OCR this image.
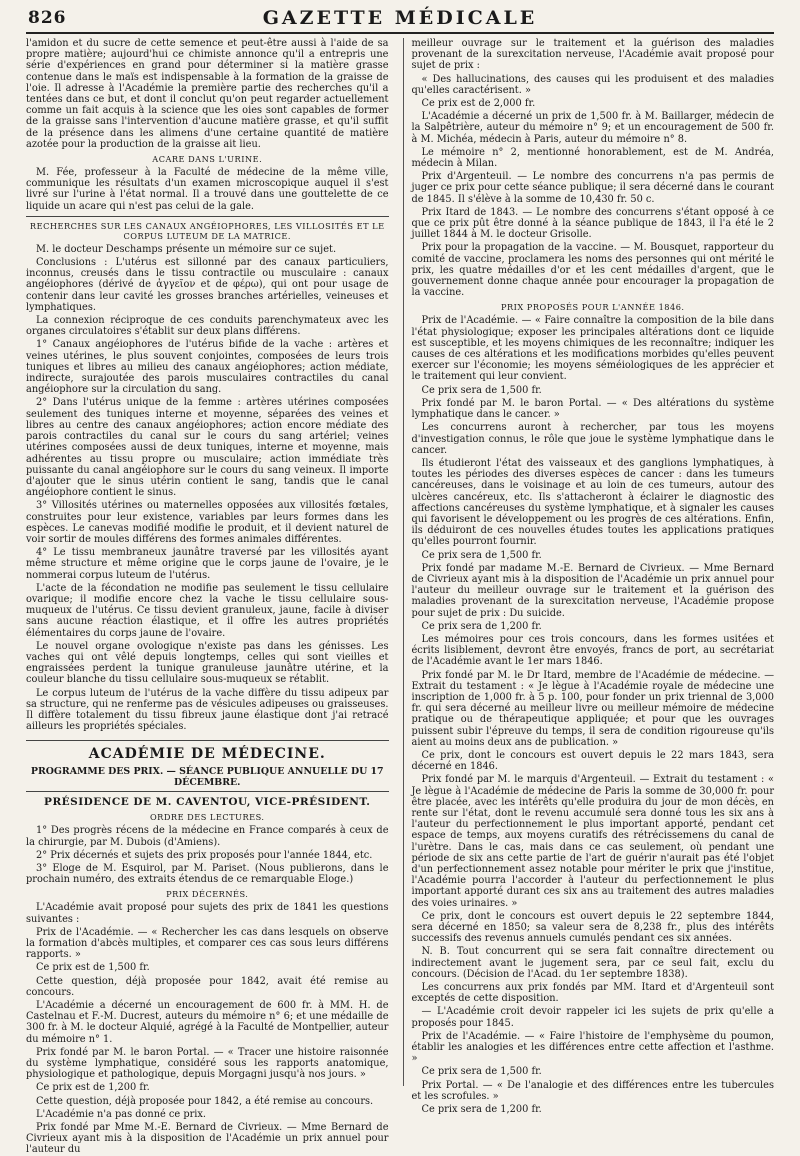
826	GAZETTE MÉDICALE

l'amidon et du sucre de cette semence et peut-être aussi à l'aide de sa propre matière; aujourd'hui ce chimiste annonce qu'il a entrepris une série d'expériences en grand pour déterminer si la matière grasse contenue dans le maïs est indispensable à la formation de la graisse de l'oie. Il adresse à l'Académie la première partie des recherches qu'il a tentées dans ce but, et dont il conclut qu'on peut regarder actuellement comme un fait acquis à la science que les oies sont capables de former de la graisse sans l'intervention d'aucune matière grasse, et qu'il suffit de la présence dans les alimens d'une certaine quantité de matière azotée pour la production de la graisse ait lieu.

ACARE DANS L'URINE.

M. Fée, professeur à la Faculté de médecine de la même ville, communique les résultats d'un examen microscopique auquel il s'est livré sur l'urine à l'état normal. Il a trouvé dans une gouttelette de ce liquide un acare qui n'est pas celui de la gale.

RECHERCHES SUR LES CANAUX ANGÉIOPHORES, LES VILLOSITÉS ET LE CORPUS LUTEUM DE LA MATRICE.

M. le docteur Deschamps présente un mémoire sur ce sujet.

Conclusions : L'utérus est sillonné par des canaux particuliers, inconnus, creusés dans le tissu contractile ou musculaire : canaux angéiophores (dérivé de ἀγγεῖον et de φέρω), qui ont pour usage de contenir dans leur cavité les grosses branches artérielles, veineuses et lymphatiques.

La connexion réciproque de ces conduits parenchymateux avec les organes circulatoires s'établit sur deux plans différens.

1° Canaux angéiophores de l'utérus bifide de la vache : artères et veines utérines, le plus souvent conjointes, composées de leurs trois tuniques et libres au milieu des canaux angéiophores; action médiate, indirecte, surajoutée des parois musculaires contractiles du canal angéiophore sur la circulation du sang.

2° Dans l'utérus unique de la femme : artères utérines composées seulement des tuniques interne et moyenne, séparées des veines et libres au centre des canaux angéiophores; action encore médiate des parois contractiles du canal sur le cours du sang artériel; veines utérines composées aussi de deux tuniques, interne et moyenne, mais adhérentes au tissu propre ou musculaire; action immédiate très puissante du canal angéiophore sur le cours du sang veineux. Il importe d'ajouter que le sinus utérin contient le sang, tandis que le canal angéiophore contient le sinus.

3° Villosités utérines ou maternelles opposées aux villosités fœtales, construites pour leur existence, variables par leurs formes dans les espèces. Le canevas modifié modifie le produit, et il devient naturel de voir sortir de moules différens des formes animales différentes.

4° Le tissu membraneux jaunâtre traversé par les villosités ayant même structure et même origine que le corps jaune de l'ovaire, je le nommerai corpus luteum de l'utérus.

L'acte de la fécondation ne modifie pas seulement le tissu cellulaire ovarique; il modifie encore chez la vache le tissu cellulaire sous-muqueux de l'utérus. Ce tissu devient granuleux, jaune, facile à diviser sans aucune réaction élastique, et il offre les autres propriétés élémentaires du corps jaune de l'ovaire.

Le nouvel organe ovologique n'existe pas dans les génisses. Les vaches qui ont vêlé depuis longtemps, celles qui sont vieilles et engraissées perdent la tunique granuleuse jaunâtre utérine, et la couleur blanche du tissu cellulaire sous-muqueux se rétablit.

Le corpus luteum de l'utérus de la vache diffère du tissu adipeux par sa structure, qui ne renferme pas de vésicules adipeuses ou graisseuses. Il diffère totalement du tissu fibreux jaune élastique dont j'ai retracé ailleurs les propriétés spéciales.

ACADÉMIE DE MÉDECINE.
PROGRAMME DES PRIX. — SÉANCE PUBLIQUE ANNUELLE DU 17 DÉCEMBRE.
PRÉSIDENCE DE M. CAVENTOU, VICE-PRÉSIDENT.
ORDRE DES LECTURES.

1° Des progrès récens de la médecine en France comparés à ceux de la chirurgie, par M. Dubois (d'Amiens).

2° Prix décernés et sujets des prix proposés pour l'année 1844, etc.

3° Eloge de M. Esquirol, par M. Pariset. (Nous publierons, dans le prochain numéro, des extraits étendus de ce remarquable Eloge.)

PRIX DÉCERNÉS.

L'Académie avait proposé pour sujets des prix de 1841 les questions suivantes :

Prix de l'Académie. — « Rechercher les cas dans lesquels on observe la formation d'abcès multiples, et comparer ces cas sous leurs différens rapports. »

Ce prix est de 1,500 fr.

Cette question, déjà proposée pour 1842, avait été remise au concours.

L'Académie a décerné un encouragement de 600 fr. à MM. H. de Castelnau et F.-M. Ducrest, auteurs du mémoire n° 6; et une médaille de 300 fr. à M. le docteur Alquié, agrégé à la Faculté de Montpellier, auteur du mémoire n° 1.

Prix fondé par M. le baron Portal. — « Tracer une histoire raisonnée du système lymphatique, considéré sous les rapports anatomique, physiologique et pathologique, depuis Morgagni jusqu'à nos jours. »

Ce prix est de 1,200 fr.

Cette question, déjà proposée pour 1842, a été remise au concours.

L'Académie n'a pas donné ce prix.

Prix fondé par Mme M.-E. Bernard de Civrieux. — Mme Bernard de Civrieux ayant mis à la disposition de l'Académie un prix annuel pour l'auteur du

meilleur ouvrage sur le traitement et la guérison des maladies provenant de la surexcitation nerveuse, l'Académie avait proposé pour sujet de prix :

« Des hallucinations, des causes qui les produisent et des maladies qu'elles caractérisent. »

Ce prix est de 2,000 fr.

L'Académie a décerné un prix de 1,500 fr. à M. Baillarger, médecin de la Salpêtrière, auteur du mémoire n° 9; et un encouragement de 500 fr. à M. Michéa, médecin à Paris, auteur du mémoire n° 8.

Le mémoire n° 2, mentionné honorablement, est de M. Andréa, médecin à Milan.

Prix d'Argenteuil. — Le nombre des concurrens n'a pas permis de juger ce prix pour cette séance publique; il sera décerné dans le courant de 1845. Il s'élève à la somme de 10,430 fr. 50 c.

Prix Itard de 1843. — Le nombre des concurrens s'étant opposé à ce que ce prix pût être donné à la séance publique de 1843, il l'a été le 2 juillet 1844 à M. le docteur Grisolle.

Prix pour la propagation de la vaccine. — M. Bousquet, rapporteur du comité de vaccine, proclamera les noms des personnes qui ont mérité le prix, les quatre médailles d'or et les cent médailles d'argent, que le gouvernement donne chaque année pour encourager la propagation de la vaccine.

PRIX PROPOSÉS POUR L'ANNÉE 1846.

Prix de l'Académie. — « Faire connaître la composition de la bile dans l'état physiologique; exposer les principales altérations dont ce liquide est susceptible, et les moyens chimiques de les reconnaître; indiquer les causes de ces altérations et les modifications morbides qu'elles peuvent exercer sur l'économie; les moyens séméiologiques de les apprécier et le traitement qui leur convient.

Ce prix sera de 1,500 fr.

Prix fondé par M. le baron Portal. — « Des altérations du système lymphatique dans le cancer. »

Les concurrens auront à rechercher, par tous les moyens d'investigation connus, le rôle que joue le système lymphatique dans le cancer.

Ils étudieront l'état des vaisseaux et des ganglions lymphatiques, à toutes les périodes des diverses espèces de cancer : dans les tumeurs cancéreuses, dans le voisinage et au loin de ces tumeurs, autour des ulcères cancéreux, etc. Ils s'attacheront à éclairer le diagnostic des affections cancéreuses du système lymphatique, et à signaler les causes qui favorisent le développement ou les progrès de ces altérations. Enfin, ils déduiront de ces nouvelles études toutes les applications pratiques qu'elles pourront fournir.

Ce prix sera de 1,500 fr.

Prix fondé par madame M.-E. Bernard de Civrieux. — Mme Bernard de Civrieux ayant mis à la disposition de l'Académie un prix annuel pour l'auteur du meilleur ouvrage sur le traitement et la guérison des maladies provenant de la surexcitation nerveuse, l'Académie propose pour sujet de prix : Du suicide.

Ce prix sera de 1,200 fr.

Les mémoires pour ces trois concours, dans les formes usitées et écrits lisiblement, devront être envoyés, francs de port, au secrétariat de l'Académie avant le 1er mars 1846.

Prix fondé par M. le Dr Itard, membre de l'Académie de médecine. — Extrait du testament : « Je lègue à l'Académie royale de médecine une inscription de 1,000 fr. à 5 p. 100, pour fonder un prix triennal de 3,000 fr. qui sera décerné au meilleur livre ou meilleur mémoire de médecine pratique ou de thérapeutique appliquée; et pour que les ouvrages puissent subir l'épreuve du temps, il sera de condition rigoureuse qu'ils aient au moins deux ans de publication. »

Ce prix, dont le concours est ouvert depuis le 22 mars 1843, sera décerné en 1846.

Prix fondé par M. le marquis d'Argenteuil. — Extrait du testament : « Je lègue à l'Académie de médecine de Paris la somme de 30,000 fr. pour être placée, avec les intérêts qu'elle produira du jour de mon décès, en rente sur l'état, dont le revenu accumulé sera donné tous les six ans à l'auteur du perfectionnement le plus important apporté, pendant cet espace de temps, aux moyens curatifs des rétrécissemens du canal de l'urètre. Dans le cas, mais dans ce cas seulement, où pendant une période de six ans cette partie de l'art de guérir n'aurait pas été l'objet d'un perfectionnement assez notable pour mériter le prix que j'institue, l'Académie pourra l'accorder à l'auteur du perfectionnement le plus important apporté durant ces six ans au traitement des autres maladies des voies urinaires. »

Ce prix, dont le concours est ouvert depuis le 22 septembre 1844, sera décerné en 1850; sa valeur sera de 8,238 fr., plus des intérêts successifs des revenus annuels cumulés pendant ces six années.

N. B. Tout concurrent qui se sera fait connaître directement ou indirectement avant le jugement sera, par ce seul fait, exclu du concours. (Décision de l'Acad. du 1er septembre 1838).

Les concurrens aux prix fondés par MM. Itard et d'Argenteuil sont exceptés de cette disposition.

— L'Académie croit devoir rappeler ici les sujets de prix qu'elle a proposés pour 1845.

Prix de l'Académie. — « Faire l'histoire de l'emphysème du poumon, établir les analogies et les différences entre cette affection et l'asthme. »

Ce prix sera de 1,500 fr.

Prix Portal. — « De l'analogie et des différences entre les tubercules et les scrofules. »

Ce prix sera de 1,200 fr.
